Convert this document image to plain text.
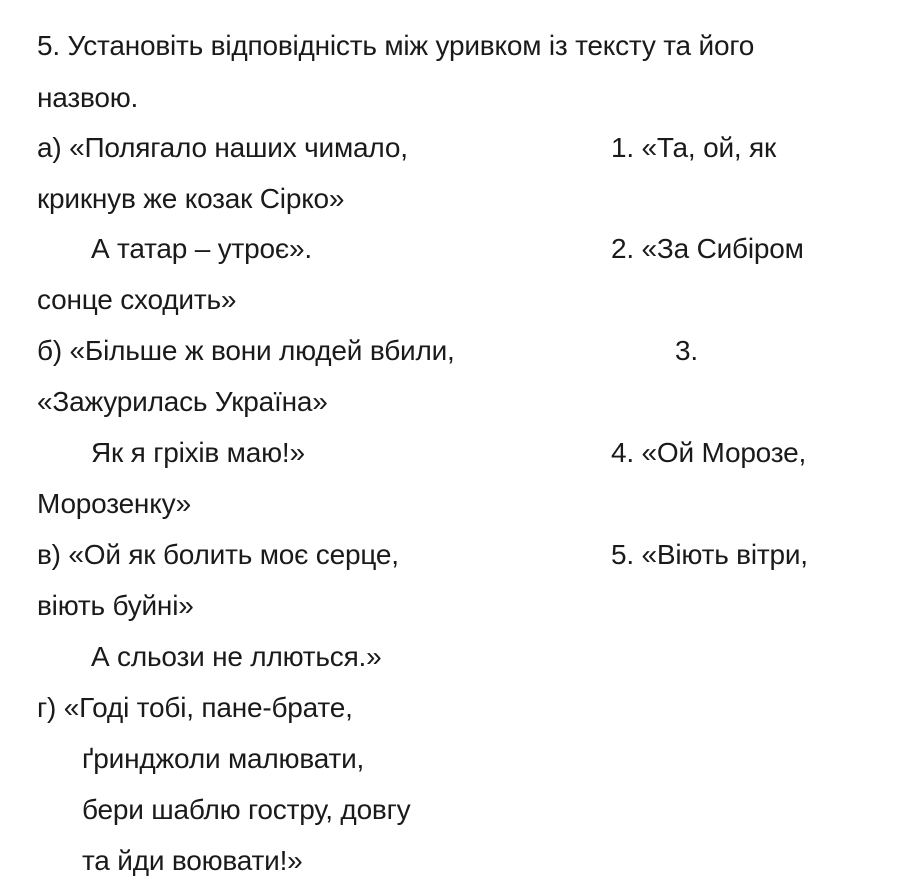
5. Установіть відповідність між уривком із тексту та його
назвою.
а) «Полягало наших чимало,	1. «Та, ой, як
крикнув же козак Сірко»
А татар – утроє».	2. «За Сибіром
сонце сходить»
б) «Більше ж вони людей вбили,	3.
«Зажурилась Україна»
Як я гріхів маю!»	4. «Ой Морозе,
Морозенку»
в) «Ой як болить моє серце,	5. «Віють вітри,
віють буйні»
А сльози не ллються.»
г) «Годі тобі, пане-брате,
ґринджоли малювати,
бери шаблю гостру, довгу
та йди воювати!»
